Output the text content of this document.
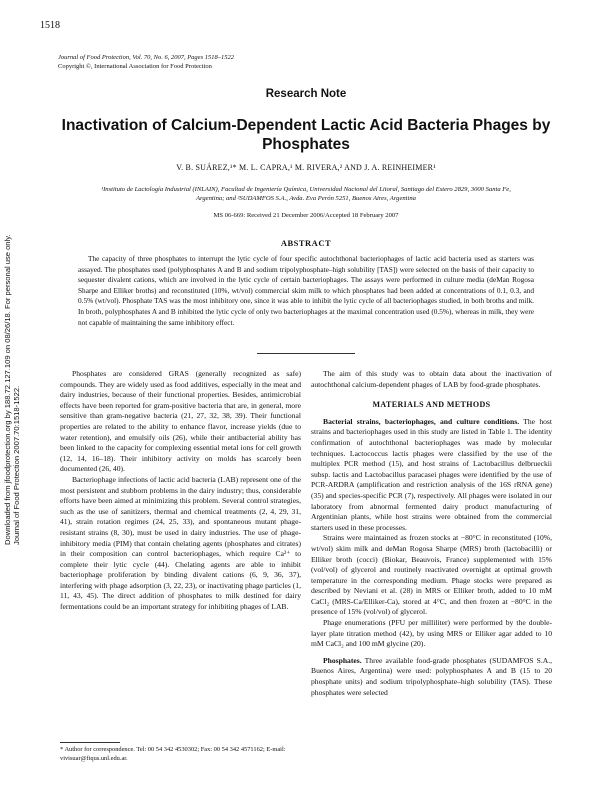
1518
Journal of Food Protection, Vol. 70, No. 6, 2007, Pages 1518–1522
Copyright ©, International Association for Food Protection
Downloaded from jfoodprotection.org by 188.72.127.109 on 08/26/18. For personal use only. Journal of Food Protection 2007.70:1518-1522.
Research Note
Inactivation of Calcium-Dependent Lactic Acid Bacteria Phages by Phosphates
V. B. SUÁREZ,¹* M. L. CAPRA,¹ M. RIVERA,² AND J. A. REINHEIMER¹
¹Instituto de Lactología Industrial (INLAIN), Facultad de Ingeniería Química, Universidad Nacional del Litoral, Santiago del Estero 2829, 3000 Santa Fe, Argentina; and ²SUDAMFOS S.A., Avda. Eva Perón 5251, Buenos Aires, Argentina
MS 06-669: Received 21 December 2006/Accepted 18 February 2007
ABSTRACT
The capacity of three phosphates to interrupt the lytic cycle of four specific autochthonal bacteriophages of lactic acid bacteria used as starters was assayed. The phosphates used (polyphosphates A and B and sodium tripolyphosphate–high solubility [TAS]) were selected on the basis of their capacity to sequester divalent cations, which are involved in the lytic cycle of certain bacteriophages. The assays were performed in culture media (deMan Rogosa Sharpe and Elliker broths) and reconstituted (10%, wt/vol) commercial skim milk to which phosphates had been added at concentrations of 0.1, 0.3, and 0.5% (wt/vol). Phosphate TAS was the most inhibitory one, since it was able to inhibit the lytic cycle of all bacteriophages studied, in both broths and milk. In broth, polyphosphates A and B inhibited the lytic cycle of only two bacteriophages at the maximal concentration used (0.5%), whereas in milk, they were not capable of maintaining the same inhibitory effect.

Phosphates are considered GRAS (generally recognized as safe) compounds. They are widely used as food additives, especially in the meat and dairy industries, because of their functional properties. Besides, antimicrobial effects have been reported for gram-positive bacteria that are, in general, more sensitive than gram-negative bacteria (21, 27, 32, 38, 39). Their functional properties are related to the ability to enhance flavor, increase yields (due to water retention), and emulsify oils (26), while their antibacterial ability has been linked to the capacity for complexing essential metal ions for cell growth (12, 14, 16–18). Their inhibitory activity on molds has scarcely been documented (26, 40).

Bacteriophage infections of lactic acid bacteria (LAB) represent one of the most persistent and stubborn problems in the dairy industry; thus, considerable efforts have been aimed at minimizing this problem. Several control strategies, such as the use of sanitizers, thermal and chemical treatments (2, 4, 29, 31, 41), strain rotation regimes (24, 25, 33), and spontaneous mutant phage-resistant strains (8, 30), must be used in dairy industries. The use of phage-inhibitory media (PIM) that contain chelating agents (phosphates and citrates) in their composition can control bacteriophages, which require Ca²⁺ to complete their lytic cycle (44). Chelating agents are able to inhibit bacteriophage proliferation by binding divalent cations (6, 9, 36, 37), interfering with phage adsorption (3, 22, 23), or inactivating phage particles (1, 11, 43, 45). The direct addition of phosphates to milk destined for dairy fermentations could be an important strategy for inhibiting phages of LAB.

* Author for correspondence. Tel: 00 54 342 4530302; Fax: 00 54 342 4571162; E-mail: vivisuar@fiqus.unl.edu.ar.

The aim of this study was to obtain data about the inactivation of autochthonal calcium-dependent phages of LAB by food-grade phosphates.

MATERIALS AND METHODS

Bacterial strains, bacteriophages, and culture conditions. The host strains and bacteriophages used in this study are listed in Table 1. The identity confirmation of autochthonal bacteriophages was made by molecular techniques. Lactococcus lactis phages were classified by the use of the multiplex PCR method (15), and host strains of Lactobacillus delbrueckii subsp. lactis and Lactobacillus paracasei phages were identified by the use of PCR-ARDRA (amplification and restriction analysis of the 16S rRNA gene) (35) and species-specific PCR (7), respectively. All phages were isolated in our laboratory from abnormal fermented dairy product manufacturing of Argentinian plants, while host strains were obtained from the commercial starters used in these processes.

Strains were maintained as frozen stocks at −80°C in reconstituted (10%, wt/vol) skim milk and deMan Rogosa Sharpe (MRS) broth (lactobacilli) or Elliker broth (cocci) (Biokar, Beauvois, France) supplemented with 15% (vol/vol) of glycerol and routinely reactivated overnight at optimal growth temperature in the corresponding medium. Phage stocks were prepared as described by Neviani et al. (28) in MRS or Elliker broth, added to 10 mM CaCl₂ (MRS-Ca/Elliker-Ca), stored at 4°C, and then frozen at −80°C in the presence of 15% (vol/vol) of glycerol.

Phage enumerations (PFU per milliliter) were performed by the double-layer plate titration method (42), by using MRS or Elliker agar added to 10 mM CaCl₂ and 100 mM glycine (20).

Phosphates. Three available food-grade phosphates (SUDAMFOS S.A., Buenos Aires, Argentina) were used: polyphosphates A and B (15 to 20 phosphate units) and sodium tripolyphosphate–high solubility (TAS). These phosphates were selected
